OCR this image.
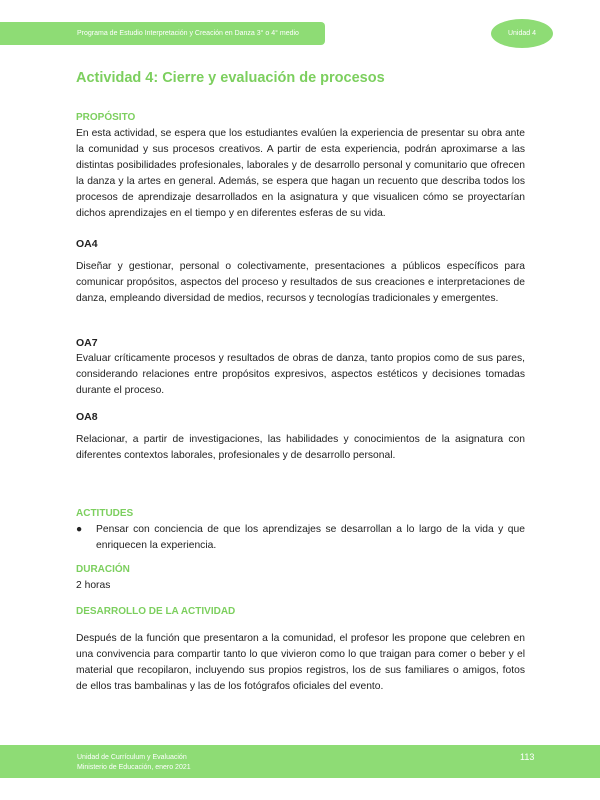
Programa de Estudio Interpretación y Creación en Danza 3° o 4° medio	Unidad 4
Actividad 4: Cierre y evaluación de procesos
PROPÓSITO

En esta actividad, se espera que los estudiantes evalúen la experiencia de presentar su obra ante la comunidad y sus procesos creativos. A partir de esta experiencia, podrán aproximarse a las distintas posibilidades profesionales, laborales y de desarrollo personal y comunitario que ofrecen la danza y la artes en general. Además, se espera que hagan un recuento que describa todos los procesos de aprendizaje desarrollados en la asignatura y que visualicen cómo se proyectarían dichos aprendizajes en el tiempo y en diferentes esferas de su vida.

OA4

Diseñar y gestionar, personal o colectivamente, presentaciones a públicos específicos para comunicar propósitos, aspectos del proceso y resultados de sus creaciones e interpretaciones de danza, empleando diversidad de medios, recursos y tecnologías tradicionales y emergentes.

OA7

Evaluar críticamente procesos y resultados de obras de danza, tanto propios como de sus pares, considerando relaciones entre propósitos expresivos, aspectos estéticos y decisiones tomadas durante el proceso.

OA8

Relacionar, a partir de investigaciones, las habilidades y conocimientos de la asignatura con diferentes contextos laborales, profesionales y de desarrollo personal.

ACTITUDES
●	Pensar con conciencia de que los aprendizajes se desarrollan a lo largo de la vida y que enriquecen la experiencia.

DURACIÓN
2 horas
DESARROLLO DE LA ACTIVIDAD

Después de la función que presentaron a la comunidad, el profesor les propone que celebren en una convivencia para compartir tanto lo que vivieron como lo que traigan para comer o beber y el material que recopilaron, incluyendo sus propios registros, los de sus familiares o amigos, fotos de ellos tras bambalinas y las de los fotógrafos oficiales del evento.

Unidad de Currículum y Evaluación
Ministerio de Educación, enero 2021
113
